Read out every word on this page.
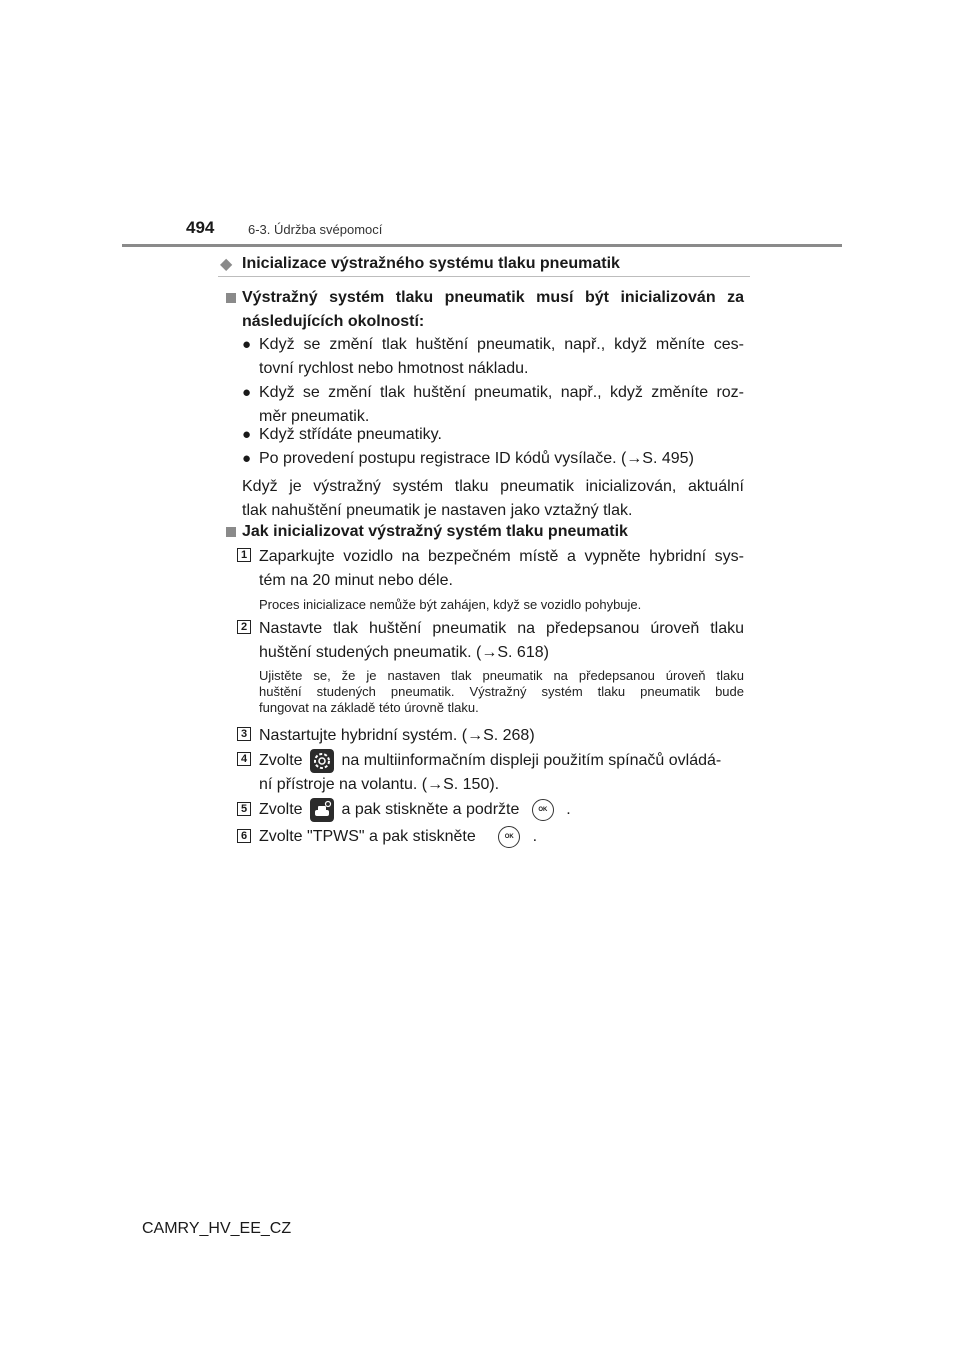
494	6-3. Údržba svépomocí
◆ Inicializace výstražného systému tlaku pneumatik
Výstražný systém tlaku pneumatik musí být inicializován za
následujících okolností:
● Když se změní tlak huštění pneumatik, např., když měníte ces-
tovní rychlost nebo hmotnost nákladu.
● Když se změní tlak huštění pneumatik, např., když změníte roz-
měr pneumatik.
● Když střídáte pneumatiky.
● Po provedení postupu registrace ID kódů vysílače. (→S. 495)
Když je výstražný systém tlaku pneumatik inicializován, aktuální
tlak nahuštění pneumatik je nastaven jako vztažný tlak.
Jak inicializovat výstražný systém tlaku pneumatik
1 Zaparkujte vozidlo na bezpečném místě a vypněte hybridní sys-
tém na 20 minut nebo déle.
Proces inicializace nemůže být zahájen, když se vozidlo pohybuje.
2 Nastavte tlak huštění pneumatik na předepsanou úroveň tlaku
huštění studených pneumatik. (→S. 618)
Ujistěte se, že je nastaven tlak pneumatik na předepsanou úroveň tlaku
huštění studených pneumatik. Výstražný systém tlaku pneumatik bude
fungovat na základě této úrovně tlaku.
3 Nastartujte hybridní systém. (→S. 268)
4 Zvolte na multiinformačním displeji použitím spínačů ovládá-
ní přístroje na volantu. (→S. 150).
5 Zvolte a pak stiskněte a podržte	OK .
6 Zvolte "TPWS" a pak stiskněte	OK .
CAMRY_HV_EE_CZ
